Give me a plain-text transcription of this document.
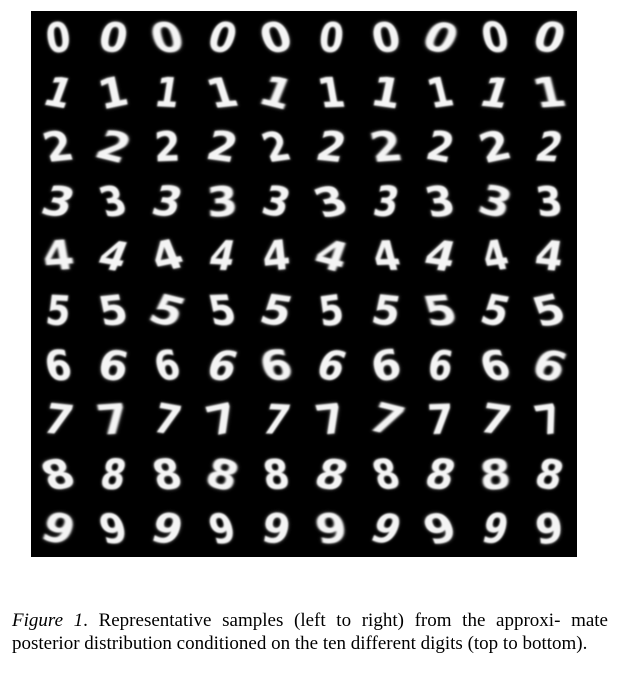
0 0 0 0 0 0 0 0 0 0
1 1 1 1 1 1 1 1 1 1
2 2 2 2 2 2 2 2 2 2
3 3 3 3 3 3 3 3 3 3
4 4 4 4 4 4 4 4 4 4
5 5 5 5 5 5 5 5 5 5
6 6 6 6 6 6 6 6 6 6
7 7 7 7 7 7 7 7 7 7
8 8 8 8 8 8 8 8 8 8
9 9 9 9 9 9 9 9 9 9

Figure 1. Representative samples (left to right) from the approxi- mate posterior distribution conditioned on the ten different digits (top to bottom).
